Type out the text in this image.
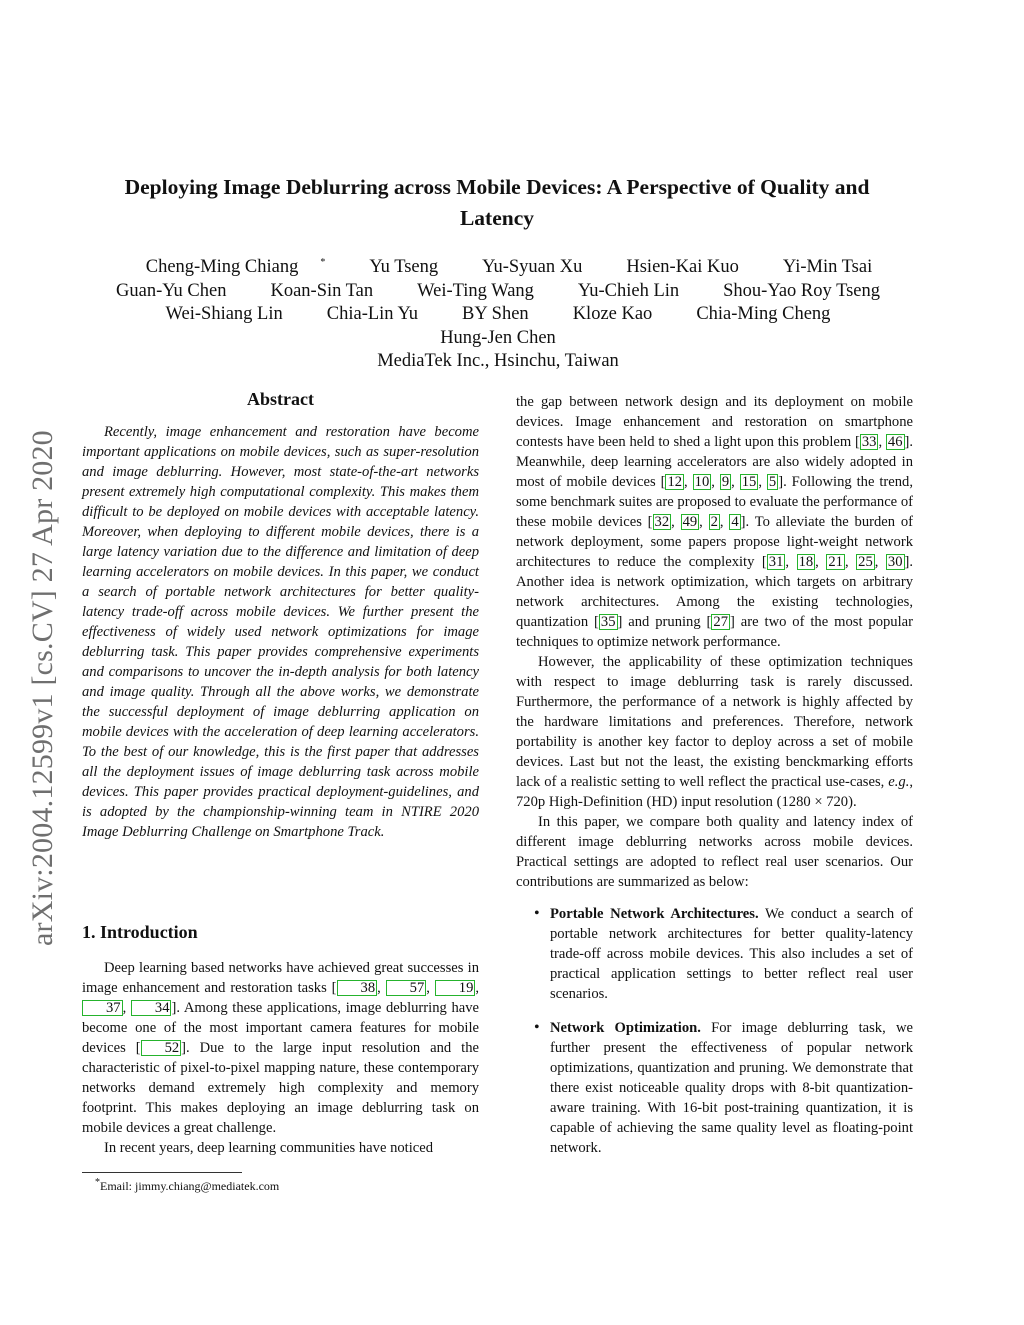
arXiv:2004.12599v1 [cs.CV] 27 Apr 2020
Deploying Image Deblurring across Mobile Devices: A Perspective of Quality and Latency
Cheng-Ming Chiang * Yu Tseng Yu-Syuan Xu Hsien-Kai Kuo Yi-Min Tsai
Guan-Yu Chen Koan-Sin Tan Wei-Ting Wang Yu-Chieh Lin Shou-Yao Roy Tseng
Wei-Shiang Lin Chia-Lin Yu BY Shen Kloze Kao Chia-Ming Cheng
Hung-Jen Chen
MediaTek Inc., Hsinchu, Taiwan
Abstract

Recently, image enhancement and restoration have become important applications on mobile devices, such as super-resolution and image deblurring. However, most state-of-the-art networks present extremely high computational complexity. This makes them difficult to be deployed on mobile devices with acceptable latency. Moreover, when deploying to different mobile devices, there is a large latency variation due to the difference and limitation of deep learning accelerators on mobile devices. In this paper, we conduct a search of portable network architectures for better quality-latency trade-off across mobile devices. We further present the effectiveness of widely used network optimizations for image deblurring task. This paper provides comprehensive experiments and comparisons to uncover the in-depth analysis for both latency and image quality. Through all the above works, we demonstrate the successful deployment of image deblurring application on mobile devices with the acceleration of deep learning accelerators. To the best of our knowledge, this is the first paper that addresses all the deployment issues of image deblurring task across mobile devices. This paper provides practical deployment-guidelines, and is adopted by the championship-winning team in NTIRE 2020 Image Deblurring Challenge on Smartphone Track.

1. Introduction

Deep learning based networks have achieved great successes in image enhancement and restoration tasks [ 38 , 57 , 19 , 37 , 34 ]. Among these applications, image deblurring have become one of the most important camera features for mobile devices [ 52 ]. Due to the large input resolution and the characteristic of pixel-to-pixel mapping nature, these contemporary networks demand extremely high complexity and memory footprint. This makes deploying an image deblurring task on mobile devices a great challenge.

In recent years, deep learning communities have noticed

the gap between network design and its deployment on mobile devices. Image enhancement and restoration on smartphone contests have been held to shed a light upon this problem [ 33 , 46 ]. Meanwhile, deep learning accelerators are also widely adopted in most of mobile devices [ 12 , 10 , 9 , 15 , 5 ]. Following the trend, some benchmark suites are proposed to evaluate the performance of these mobile devices [ 32 , 49 , 2 , 4 ]. To alleviate the burden of network deployment, some papers propose light-weight network architectures to reduce the complexity [ 31 , 18 , 21 , 25 , 30 ]. Another idea is network optimization, which targets on arbitrary network architectures. Among the existing technologies, quantization [ 35 ] and pruning [ 27 ] are two of the most popular techniques to optimize network performance.

However, the applicability of these optimization techniques with respect to image deblurring task is rarely discussed. Furthermore, the performance of a network is highly affected by the hardware limitations and preferences. Therefore, network portability is another key factor to deploy across a set of mobile devices. Last but not the least, the existing benckmarking efforts lack of a realistic setting to well reflect the practical use-cases, e.g., 720p High-Definition (HD) input resolution (1280 × 720).

In this paper, we compare both quality and latency index of different image deblurring networks across mobile devices. Practical settings are adopted to reflect real user scenarios. Our contributions are summarized as below:

• Portable Network Architectures. We conduct a search of portable network architectures for better quality-latency trade-off across mobile devices. This also includes a set of practical application settings to better reflect real user scenarios.
• Network Optimization. For image deblurring task, we further present the effectiveness of popular network optimizations, quantization and pruning. We demonstrate that there exist noticeable quality drops with 8-bit quantization-aware training. With 16-bit post-training quantization, it is capable of achieving the same quality level as floating-point network.
*Email: jimmy.chiang@mediatek.com
